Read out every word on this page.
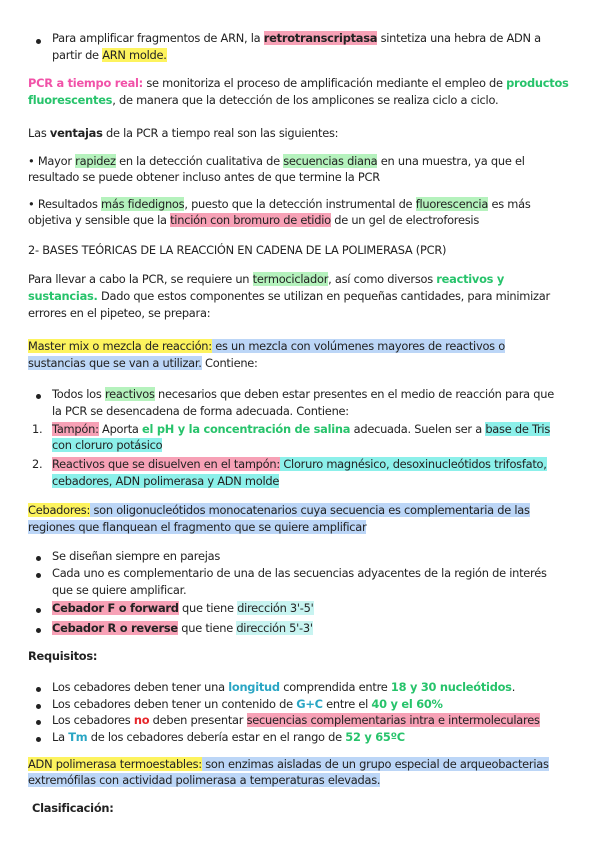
Para amplificar fragmentos de ARN, la retrotranscriptasa sintetiza una hebra de ADN a
partir de ARN molde.
PCR a tiempo real: se monitoriza el proceso de amplificación mediante el empleo de productos
fluorescentes, de manera que la detección de los amplicones se realiza ciclo a ciclo.
Las ventajas de la PCR a tiempo real son las siguientes:
• Mayor rapidez en la detección cualitativa de secuencias diana en una muestra, ya que el
resultado se puede obtener incluso antes de que termine la PCR
• Resultados más fidedignos, puesto que la detección instrumental de fluorescencia es más
objetiva y sensible que la tinción con bromuro de etidio de un gel de electroforesis
2- BASES TEÓRICAS DE LA REACCIÓN EN CADENA DE LA POLIMERASA (PCR)
Para llevar a cabo la PCR, se requiere un termociclador, así como diversos reactivos y
sustancias. Dado que estos componentes se utilizan en pequeñas cantidades, para minimizar
errores en el pipeteo, se prepara:
Master mix o mezcla de reacción: es un mezcla con volúmenes mayores de reactivos o
sustancias que se van a utilizar. Contiene:
Todos los reactivos necesarios que deben estar presentes en el medio de reacción para que
la PCR se desencadena de forma adecuada. Contiene:
1. Tampón: Aporta el pH y la concentración de salina adecuada. Suelen ser a base de Tris
con cloruro potásico
2. Reactivos que se disuelven en el tampón: Cloruro magnésico, desoxinucleótidos trifosfato,
cebadores, ADN polimerasa y ADN molde
Cebadores: son oligonucleótidos monocatenarios cuya secuencia es complementaria de las
regiones que flanquean el fragmento que se quiere amplificar
Se diseñan siempre en parejas
Cada uno es complementario de una de las secuencias adyacentes de la región de interés
que se quiere amplificar.
Cebador F o forward que tiene dirección 3'-5'
Cebador R o reverse que tiene dirección 5'-3'
Requisitos:
Los cebadores deben tener una longitud comprendida entre 18 y 30 nucleótidos.
Los cebadores deben tener un contenido de G+C entre el 40 y el 60%
Los cebadores no deben presentar secuencias complementarias intra e intermoleculares
La Tm de los cebadores debería estar en el rango de 52 y 65ºC
ADN polimerasa termoestables: son enzimas aisladas de un grupo especial de arqueobacterias
extremófilas con actividad polimerasa a temperaturas elevadas.
Clasificación:
